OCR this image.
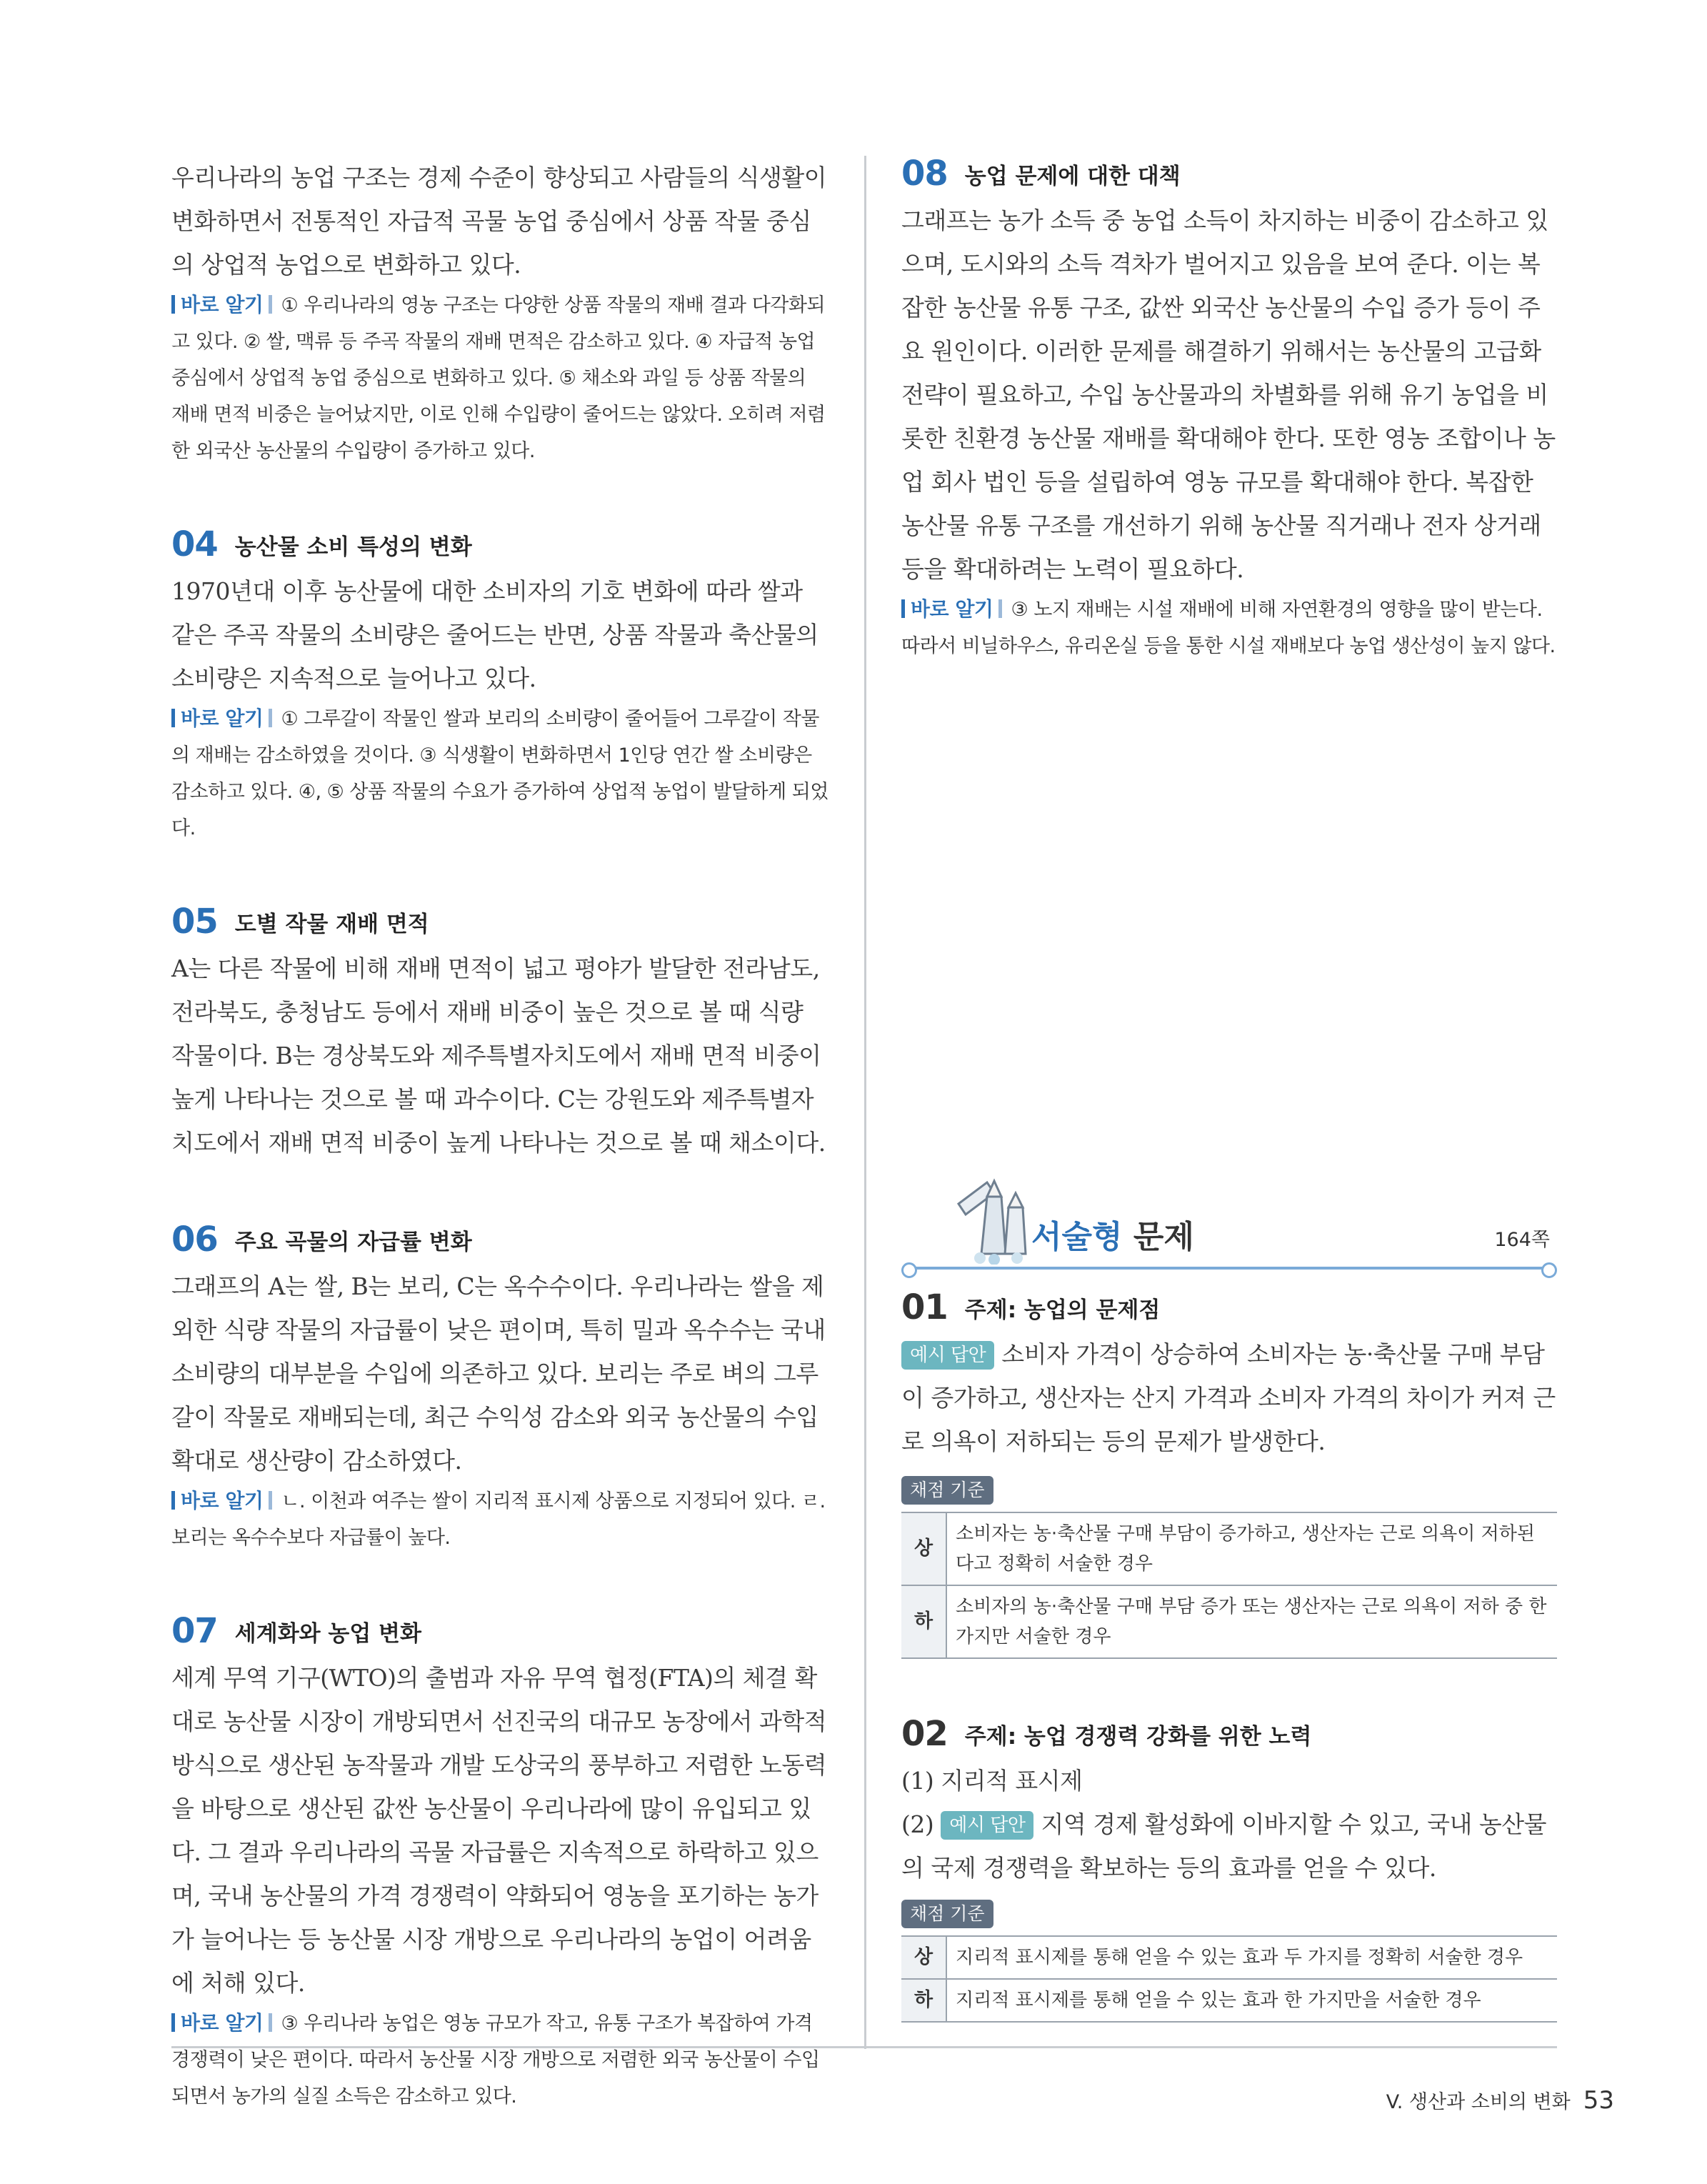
우리나라의 농업 구조는 경제 수준이 향상되고 사람들의 식생활이 변화하면서 전통적인 자급적 곡물 농업 중심에서 상품 작물 중심의 상업적 농업으로 변화하고 있다.
바로 알기 ① 우리나라의 영농 구조는 다양한 상품 작물의 재배 결과 다각화되고 있다. ② 쌀, 맥류 등 주곡 작물의 재배 면적은 감소하고 있다. ④ 자급적 농업 중심에서 상업적 농업 중심으로 변화하고 있다. ⑤ 채소와 과일 등 상품 작물의 재배 면적 비중은 늘어났지만, 이로 인해 수입량이 줄어드는 않았다. 오히려 저렴한 외국산 농산물의 수입량이 증가하고 있다.
04 농산물 소비 특성의 변화
1970년대 이후 농산물에 대한 소비자의 기호 변화에 따라 쌀과 같은 주곡 작물의 소비량은 줄어드는 반면, 상품 작물과 축산물의 소비량은 지속적으로 늘어나고 있다.
바로 알기 ① 그루갈이 작물인 쌀과 보리의 소비량이 줄어들어 그루갈이 작물의 재배는 감소하였을 것이다. ③ 식생활이 변화하면서 1인당 연간 쌀 소비량은 감소하고 있다. ④, ⑤ 상품 작물의 수요가 증가하여 상업적 농업이 발달하게 되었다.
05 도별 작물 재배 면적
A는 다른 작물에 비해 재배 면적이 넓고 평야가 발달한 전라남도, 전라북도, 충청남도 등에서 재배 비중이 높은 것으로 볼 때 식량 작물이다. B는 경상북도와 제주특별자치도에서 재배 면적 비중이 높게 나타나는 것으로 볼 때 과수이다. C는 강원도와 제주특별자치도에서 재배 면적 비중이 높게 나타나는 것으로 볼 때 채소이다.
06 주요 곡물의 자급률 변화
그래프의 A는 쌀, B는 보리, C는 옥수수이다. 우리나라는 쌀을 제외한 식량 작물의 자급률이 낮은 편이며, 특히 밀과 옥수수는 국내 소비량의 대부분을 수입에 의존하고 있다. 보리는 주로 벼의 그루갈이 작물로 재배되는데, 최근 수익성 감소와 외국 농산물의 수입 확대로 생산량이 감소하였다.
바로 알기 ㄴ. 이천과 여주는 쌀이 지리적 표시제 상품으로 지정되어 있다. ㄹ. 보리는 옥수수보다 자급률이 높다.
07 세계화와 농업 변화
세계 무역 기구(WTO)의 출범과 자유 무역 협정(FTA)의 체결 확대로 농산물 시장이 개방되면서 선진국의 대규모 농장에서 과학적 방식으로 생산된 농작물과 개발 도상국의 풍부하고 저렴한 노동력을 바탕으로 생산된 값싼 농산물이 우리나라에 많이 유입되고 있다. 그 결과 우리나라의 곡물 자급률은 지속적으로 하락하고 있으며, 국내 농산물의 가격 경쟁력이 약화되어 영농을 포기하는 농가가 늘어나는 등 농산물 시장 개방으로 우리나라의 농업이 어려움에 처해 있다.
바로 알기 ③ 우리나라 농업은 영농 규모가 작고, 유통 구조가 복잡하여 가격 경쟁력이 낮은 편이다. 따라서 농산물 시장 개방으로 저렴한 외국 농산물이 수입되면서 농가의 실질 소득은 감소하고 있다.
08 농업 문제에 대한 대책
그래프는 농가 소득 중 농업 소득이 차지하는 비중이 감소하고 있으며, 도시와의 소득 격차가 벌어지고 있음을 보여 준다. 이는 복잡한 농산물 유통 구조, 값싼 외국산 농산물의 수입 증가 등이 주요 원인이다. 이러한 문제를 해결하기 위해서는 농산물의 고급화 전략이 필요하고, 수입 농산물과의 차별화를 위해 유기 농업을 비롯한 친환경 농산물 재배를 확대해야 한다. 또한 영농 조합이나 농업 회사 법인 등을 설립하여 영농 규모를 확대해야 한다. 복잡한 농산물 유통 구조를 개선하기 위해 농산물 직거래나 전자 상거래 등을 확대하려는 노력이 필요하다.
바로 알기 ③ 노지 재배는 시설 재배에 비해 자연환경의 영향을 많이 받는다. 따라서 비닐하우스, 유리온실 등을 통한 시설 재배보다 농업 생산성이 높지 않다.
서술형 문제	164쪽
01 주제: 농업의 문제점
예시 답안 소비자 가격이 상승하여 소비자는 농·축산물 구매 부담이 증가하고, 생산자는 산지 가격과 소비자 가격의 차이가 커져 근로 의욕이 저하되는 등의 문제가 발생한다.
채점 기준
상	소비자는 농·축산물 구매 부담이 증가하고, 생산자는 근로 의욕이 저하된다고 정확히 서술한 경우
하	소비자의 농·축산물 구매 부담 증가 또는 생산자는 근로 의욕이 저하 중 한 가지만 서술한 경우
02 주제: 농업 경쟁력 강화를 위한 노력
(1) 지리적 표시제
(2) 예시 답안 지역 경제 활성화에 이바지할 수 있고, 국내 농산물의 국제 경쟁력을 확보하는 등의 효과를 얻을 수 있다.
채점 기준
상	지리적 표시제를 통해 얻을 수 있는 효과 두 가지를 정확히 서술한 경우
하	지리적 표시제를 통해 얻을 수 있는 효과 한 가지만을 서술한 경우
V. 생산과 소비의 변화 53
